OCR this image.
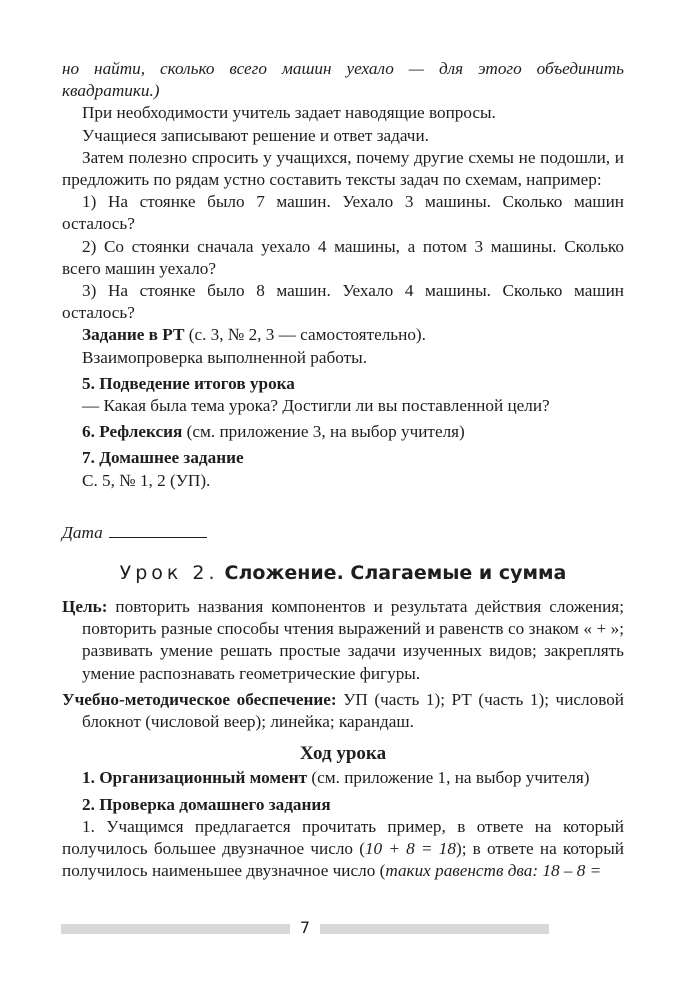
но найти, сколько всего машин уехало — для этого объединить квадратики.)

При необходимости учитель задает наводящие вопросы.

Учащиеся записывают решение и ответ задачи.

Затем полезно спросить у учащихся, почему другие схемы не подошли, и предложить по рядам устно составить тексты задач по схемам, например:

1) На стоянке было 7 машин. Уехало 3 машины. Сколько машин осталось?

2) Со стоянки сначала уехало 4 машины, а потом 3 машины. Сколько всего машин уехало?

3) На стоянке было 8 машин. Уехало 4 машины. Сколько машин осталось?

Задание в РТ (с. 3, № 2, 3 — самостоятельно).

Взаимопроверка выполненной работы.

5. Подведение итогов урока

— Какая была тема урока? Достигли ли вы поставленной цели?

6. Рефлексия (см. приложение 3, на выбор учителя)

7. Домашнее задание

С. 5, № 1, 2 (УП).

Дата

Урок 2. Сложение. Слагаемые и сумма

Цель: повторить названия компонентов и результата действия сложения; повторить разные способы чтения выражений и равенств со знаком « + »; развивать умение решать простые задачи изученных видов; закреплять умение распознавать геометрические фигуры.

Учебно-методическое обеспечение: УП (часть 1); РТ (часть 1); числовой блокнот (числовой веер); линейка; карандаш.

Ход урока

1. Организационный момент (см. приложение 1, на выбор учителя)

2. Проверка домашнего задания

1. Учащимся предлагается прочитать пример, в ответе на который получилось большее двузначное число (10 + 8 = 18); в ответе на который получилось наименьшее двузначное число (таких равенств два: 18 – 8 =

7
